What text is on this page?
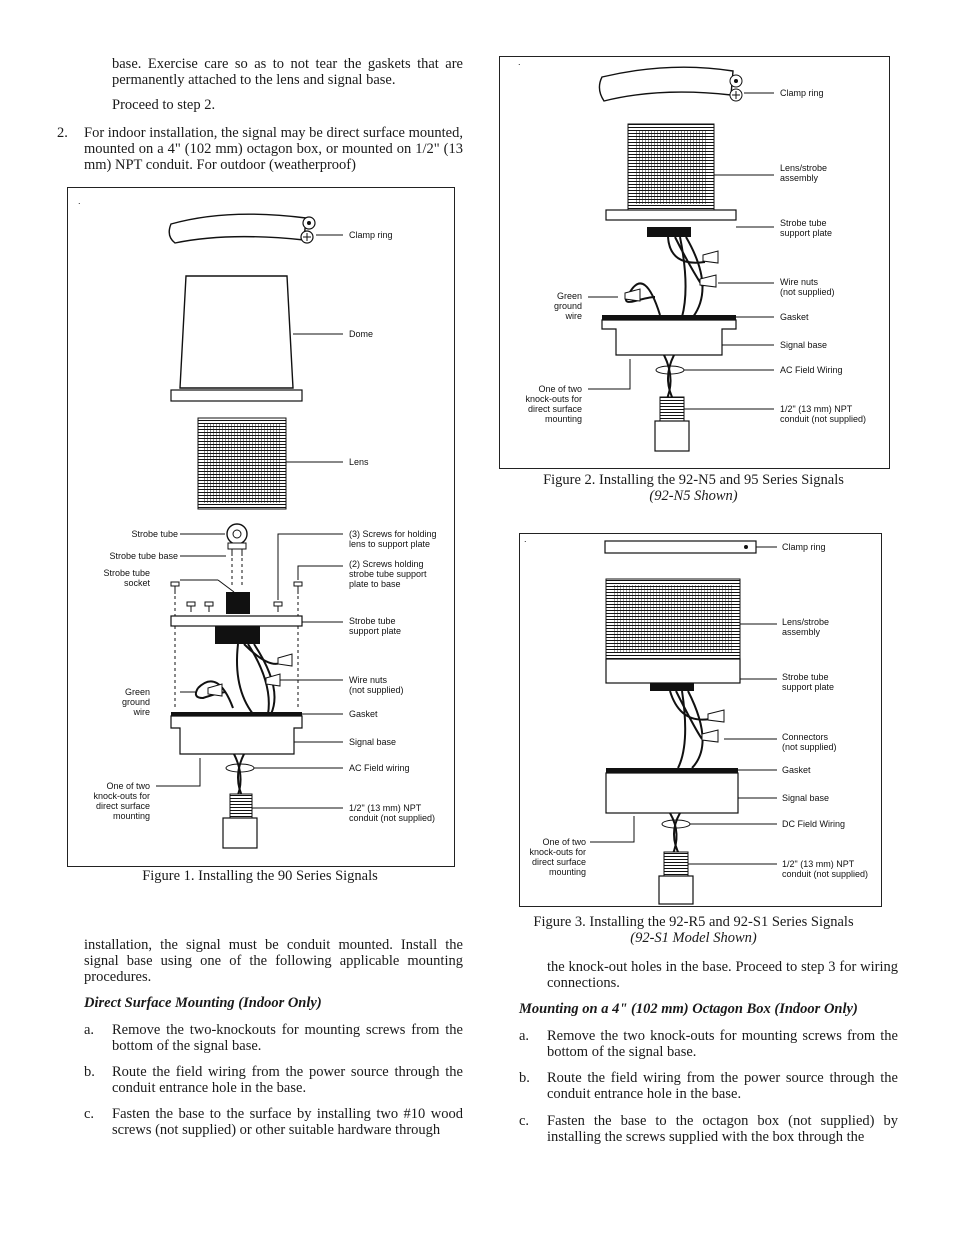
base. Exercise care so as to not tear the gaskets that are permanently attached to the lens and signal base.
Proceed to step 2.
2. For indoor installation, the signal may be direct surface mounted, mounted on a 4" (102 mm) octagon box, or mounted on 1/2" (13 mm) NPT conduit. For outdoor (weatherproof)
.
Clamp ring
Dome
Lens
Strobe tube
Strobe tube base
Strobe tube
socket
(3) Screws for holding
lens to support plate
(2) Screws holding
strobe tube support
plate to base
Strobe tube
support plate
Wire nuts
(not supplied)
Green
ground
wire	Gasket
Signal base
AC Field wiring
One of two
knock-outs for
direct surface
mounting
1/2" (13 mm) NPT
conduit (not supplied)
Figure 1. Installing the 90 Series Signals
installation, the signal must be conduit mounted. Install the signal base using one of the following applicable mounting procedures.
Direct Surface Mounting (Indoor Only)
a. Remove the two-knockouts for mounting screws from the bottom of the signal base.
b. Route the field wiring from the power source through the conduit entrance hole in the base.
c. Fasten the base to the surface by installing two #10 wood screws (not supplied) or other suitable hardware through
.
Clamp ring
Lens/strobe
assembly
Strobe tube
support plate
Wire nuts
(not supplied)
Green
ground
wire	Gasket
Signal base
AC Field Wiring
One of two
knock-outs for
direct surface
mounting
1/2" (13 mm) NPT
conduit (not supplied)
Figure 2. Installing the 92-N5 and 95 Series Signals
(92-N5 Shown)
.
Clamp ring
Lens/strobe
assembly
Strobe tube
support plate
Connectors
(not supplied)
Gasket
Signal base
DC Field Wiring
One of two
knock-outs for
direct surface
mounting
1/2" (13 mm) NPT
conduit (not supplied)
Figure 3. Installing the 92-R5 and 92-S1 Series Signals
(92-S1 Model Shown)
the knock-out holes in the base. Proceed to step 3 for wiring connections.
Mounting on a 4" (102 mm) Octagon Box (Indoor Only)
a. Remove the two knock-outs for mounting screws from the bottom of the signal base.
b. Route the field wiring from the power source through the conduit entrance hole in the base.
c. Fasten the base to the octagon box (not supplied) by installing the screws supplied with the box through the
